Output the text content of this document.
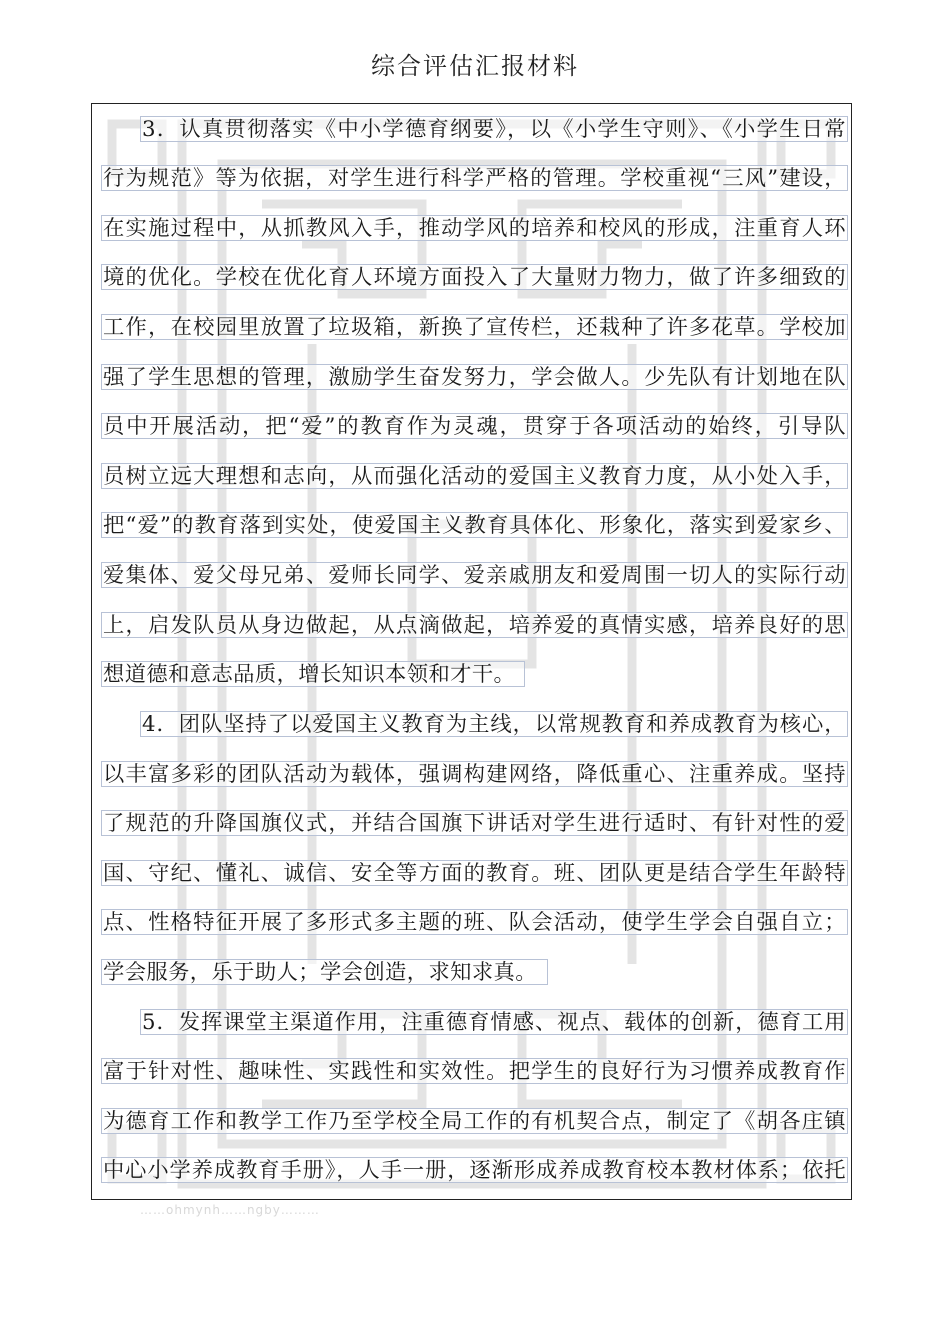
综合评估汇报材料
3．认真贯彻落实《中小学德育纲要》，以《小学生守则》、《小学生日常
行为规范》等为依据，对学生进行科学严格的管理。学校重视“三风”建设，
在实施过程中，从抓教风入手，推动学风的培养和校风的形成，注重育人环
境的优化。学校在优化育人环境方面投入了大量财力物力，做了许多细致的
工作，在校园里放置了垃圾箱，新换了宣传栏，还栽种了许多花草。学校加
强了学生思想的管理，激励学生奋发努力，学会做人。少先队有计划地在队
员中开展活动，把“爱”的教育作为灵魂，贯穿于各项活动的始终，引导队
员树立远大理想和志向，从而强化活动的爱国主义教育力度，从小处入手，
把“爱”的教育落到实处，使爱国主义教育具体化、形象化，落实到爱家乡、
爱集体、爱父母兄弟、爱师长同学、爱亲戚朋友和爱周围一切人的实际行动
上，启发队员从身边做起，从点滴做起，培养爱的真情实感，培养良好的思
想道德和意志品质，增长知识本领和才干。
4．团队坚持了以爱国主义教育为主线，以常规教育和养成教育为核心，
以丰富多彩的团队活动为载体，强调构建网络，降低重心、注重养成。坚持
了规范的升降国旗仪式，并结合国旗下讲话对学生进行适时、有针对性的爱
国、守纪、懂礼、诚信、安全等方面的教育。班、团队更是结合学生年龄特
点、性格特征开展了多形式多主题的班、队会活动，使学生学会自强自立；
学会服务，乐于助人；学会创造，求知求真。
5．发挥课堂主渠道作用，注重德育情感、视点、载体的创新，德育工用
富于针对性、趣味性、实践性和实效性。把学生的良好行为习惯养成教育作
为德育工作和教学工作乃至学校全局工作的有机契合点，制定了《胡各庄镇
中心小学养成教育手册》，人手一册，逐渐形成养成教育校本教材体系；依托
……ohmynh……ngby………
